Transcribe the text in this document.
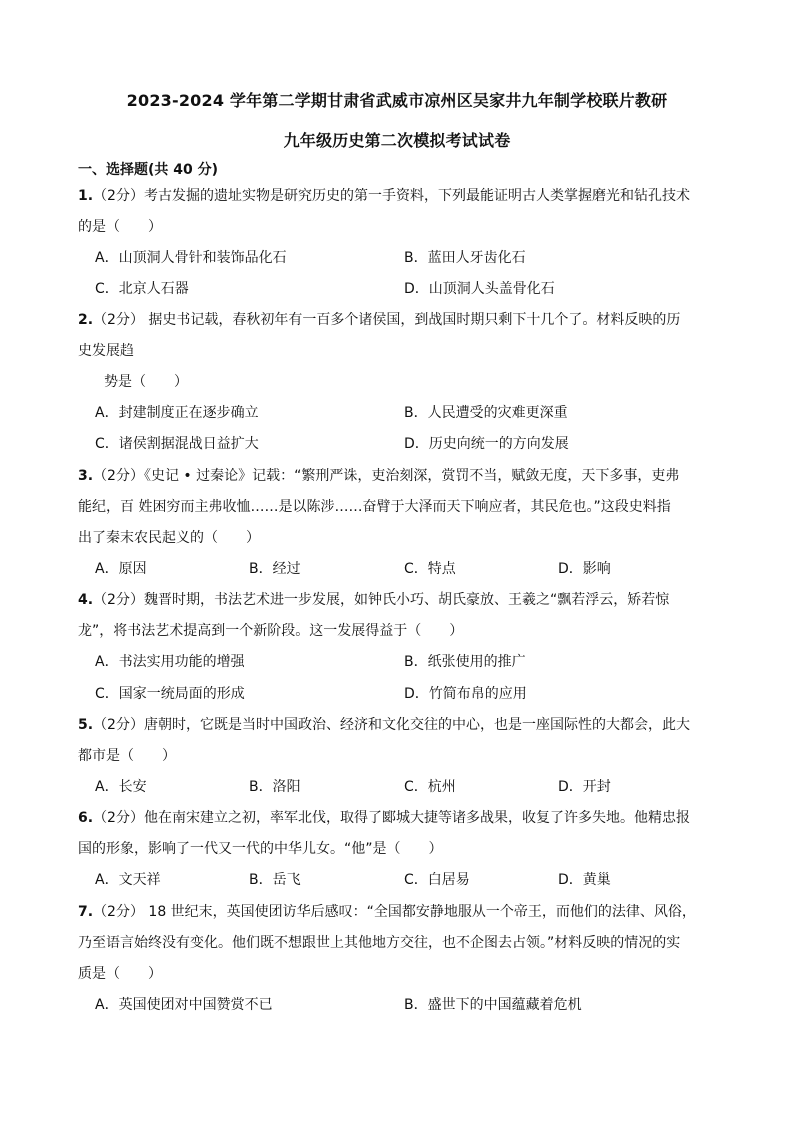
2023-2024 学年第二学期甘肃省武威市凉州区吴家井九年制学校联片教研
九年级历史第二次模拟考试试卷
一、选择题(共 40 分)
1.（2分）考古发掘的遗址实物是研究历史的第一手资料，下列最能证明古人类掌握磨光和钻孔技术
的是（　　）
A．山顶洞人骨针和装饰品化石	B．蓝田人牙齿化石
C．北京人石器	D．山顶洞人头盖骨化石
2.（2分） 据史书记载，春秋初年有一百多个诸侯国，到战国时期只剩下十几个了。材料反映的历
史发展趋
势是（　　）
A．封建制度正在逐步确立	B．人民遭受的灾难更深重
C．诸侯割据混战日益扩大	D．历史向统一的方向发展
3.（2分）《史记 • 过秦论》记载：“繁刑严诛，吏治刻深，赏罚不当，赋敛无度，天下多事，吏弗
能纪，百 姓困穷而主弗收恤……是以陈涉……奋臂于大泽而天下响应者，其民危也。”这段史料指
出了秦末农民起义的（　　）
A．原因	B．经过	C．特点	D．影响
4.（2分）魏晋时期，书法艺术进一步发展，如钟氏小巧、胡氏豪放、王羲之“飘若浮云，矫若惊
龙”，将书法艺术提高到一个新阶段。这一发展得益于（　　）
A．书法实用功能的增强	B．纸张使用的推广
C．国家一统局面的形成	D．竹简布帛的应用
5.（2分）唐朝时，它既是当时中国政治、经济和文化交往的中心，也是一座国际性的大都会，此大
都市是（　　）
A．长安	B．洛阳	C．杭州	D．开封
6.（2分）他在南宋建立之初，率军北伐，取得了郾城大捷等诸多战果，收复了许多失地。他精忠报
国的形象，影响了一代又一代的中华儿女。“他”是（　　）
A．文天祥	B．岳飞	C．白居易	D．黄巢
7.（2分） 18 世纪末，英国使团访华后感叹：“全国都安静地服从一个帝王，而他们的法律、风俗，
乃至语言始终没有变化。他们既不想跟世上其他地方交往，也不企图去占领。”材料反映的情况的实
质是（　　）
A．英国使团对中国赞赏不已	B．盛世下的中国蕴藏着危机
